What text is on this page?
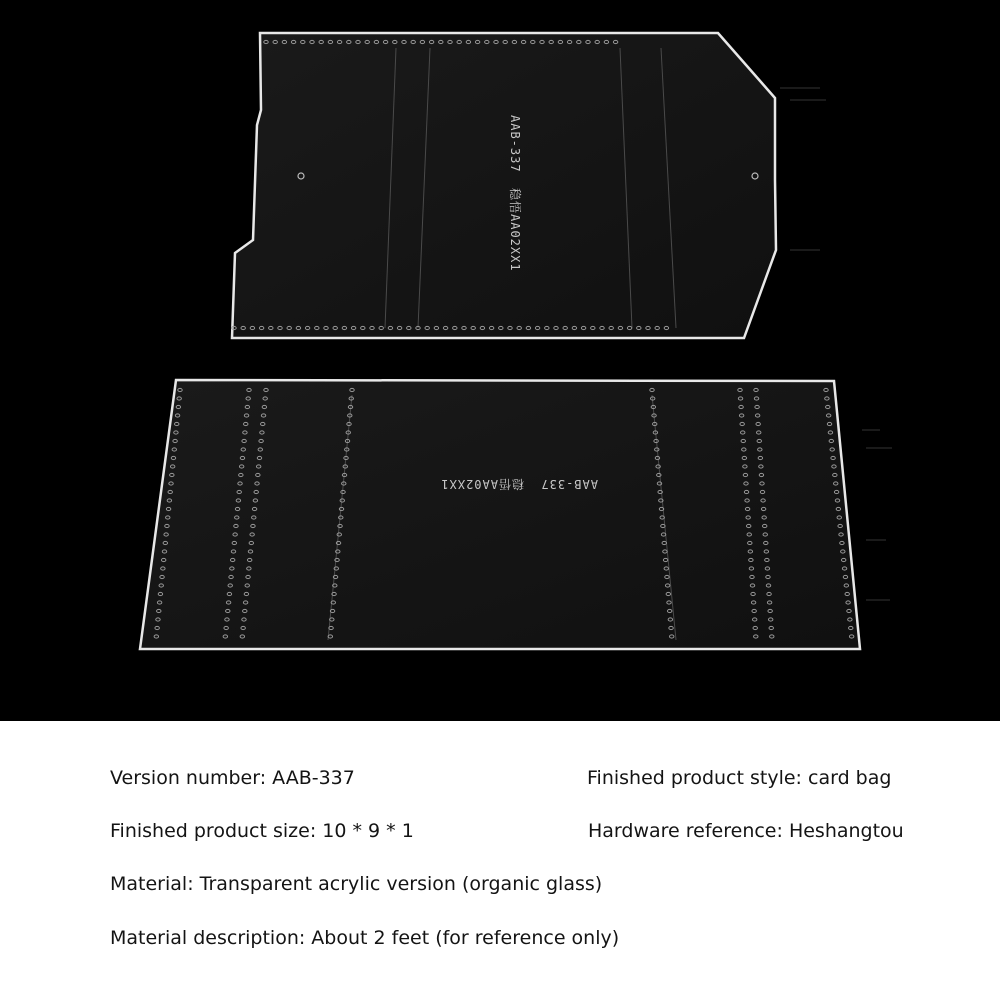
AAB-337
稳悟AA02XX1
AAB-337
稳悟AA02XX1
Version number: AAB-337	Finished product style: card bag
Finished product size: 10 * 9 * 1	Hardware reference: Heshangtou
Material: Transparent acrylic version (organic glass)
Material description: About 2 feet (for reference only)
